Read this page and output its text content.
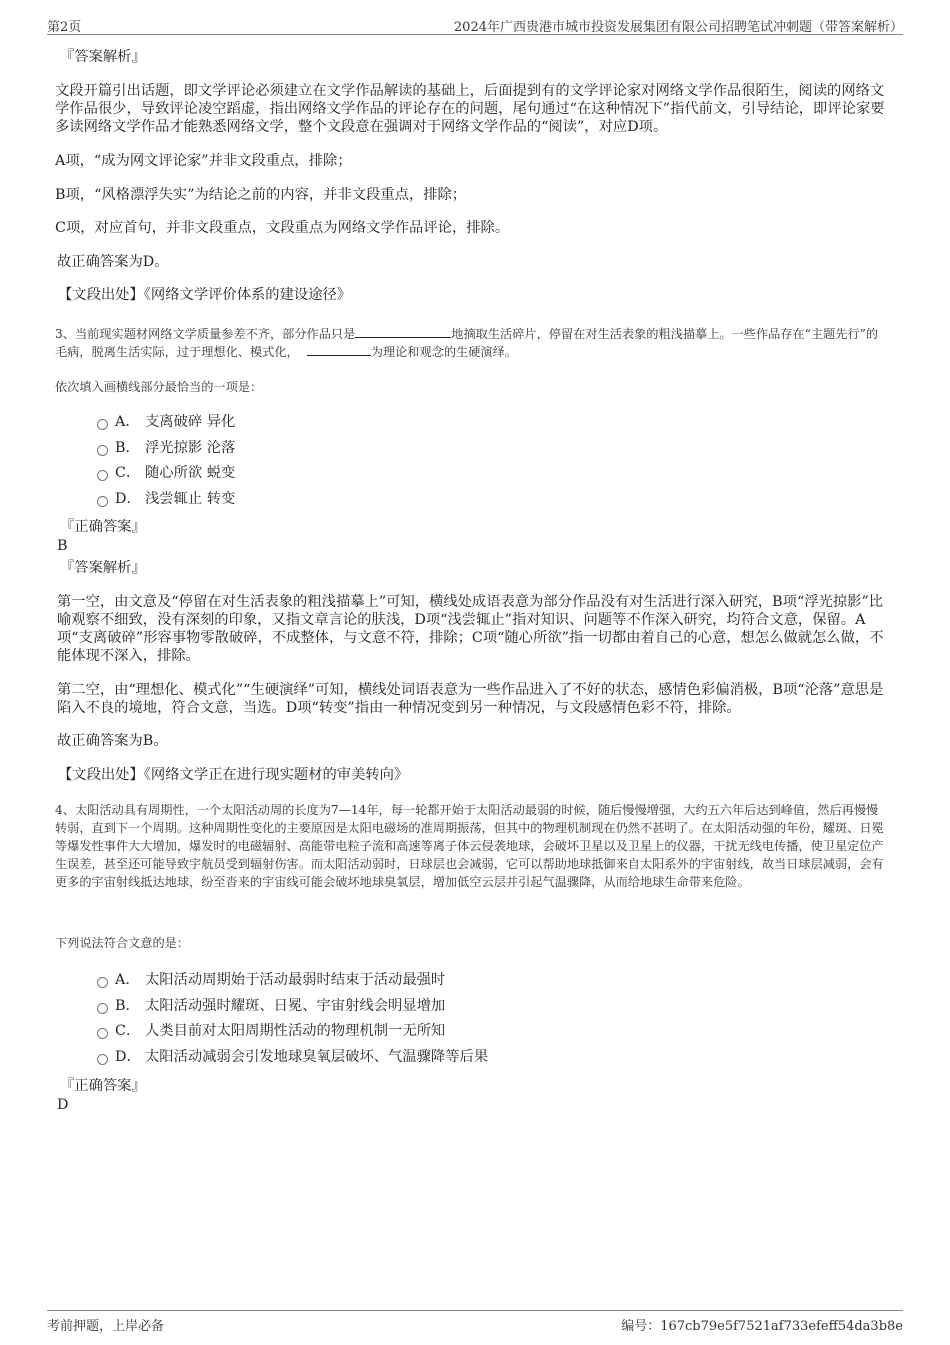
第2页	2024年广西贵港市城市投资发展集团有限公司招聘笔试冲刺题（带答案解析）

『答案解析』

文段开篇引出话题，即文学评论必须建立在文学作品解读的基础上，后面提到有的文学评论家对网络文学作品很陌生，阅读的网络文学作品很少，导致评论凌空蹈虚，指出网络文学作品的评论存在的问题，尾句通过“在这种情况下”指代前文，引导结论，即评论家要多读网络文学作品才能熟悉网络文学，整个文段意在强调对于网络文学作品的“阅读”，对应D项。

A项，“成为网文评论家”并非文段重点，排除；

B项，“风格漂浮失实”为结论之前的内容，并非文段重点，排除；

C项，对应首句，并非文段重点，文段重点为网络文学作品评论，排除。

故正确答案为D。

【文段出处】《网络文学评价体系的建设途径》

3、当前现实题材网络文学质量参差不齐，部分作品只是	地摘取生活碎片，停留在对生活表象的粗浅描摹上。一些作品存在“主题先行”的毛病，脱离生活实际，过于理想化、模式化，	为理论和观念的生硬演绎。

依次填入画横线部分最恰当的一项是：

A． 支离破碎 异化
B． 浮光掠影 沦落
C． 随心所欲 蜕变
D． 浅尝辄止 转变

『正确答案』

B

『答案解析』

第一空，由文意及“停留在对生活表象的粗浅描摹上”可知，横线处成语表意为部分作品没有对生活进行深入研究，B项“浮光掠影”比喻观察不细致，没有深刻的印象，又指文章言论的肤浅，D项“浅尝辄止”指对知识、问题等不作深入研究，均符合文意，保留。A项“支离破碎”形容事物零散破碎，不成整体，与文意不符，排除；C项“随心所欲”指一切都由着自己的心意，想怎么做就怎么做，不能体现不深入，排除。

第二空，由“理想化、模式化”“生硬演绎”可知，横线处词语表意为一些作品进入了不好的状态，感情色彩偏消极，B项“沦落”意思是陷入不良的境地，符合文意，当选。D项“转变”指由一种情况变到另一种情况，与文段感情色彩不符，排除。

故正确答案为B。

【文段出处】《网络文学正在进行现实题材的审美转向》

4、太阳活动具有周期性，一个太阳活动周的长度为7—14年，每一轮都开始于太阳活动最弱的时候，随后慢慢增强，大约五六年后达到峰值，然后再慢慢转弱，直到下一个周期。这种周期性变化的主要原因是太阳电磁场的准周期振荡，但其中的物理机制现在仍然不甚明了。在太阳活动强的年份，耀斑、日冕等爆发性事件大大增加，爆发时的电磁辐射、高能带电粒子流和高速等离子体云侵袭地球，会破坏卫星以及卫星上的仪器，干扰无线电传播，使卫星定位产生误差，甚至还可能导致宇航员受到辐射伤害。而太阳活动弱时，日球层也会减弱，它可以帮助地球抵御来自太阳系外的宇宙射线，故当日球层减弱，会有更多的宇宙射线抵达地球，纷至沓来的宇宙线可能会破坏地球臭氧层，增加低空云层并引起气温骤降，从而给地球生命带来危险。

下列说法符合文意的是：

A． 太阳活动周期始于活动最弱时结束于活动最强时
B． 太阳活动强时耀斑、日冕、宇宙射线会明显增加
C． 人类目前对太阳周期性活动的物理机制一无所知
D． 太阳活动减弱会引发地球臭氧层破坏、气温骤降等后果

『正确答案』

D

考前押题，上岸必备	编号：167cb79e5f7521af733efeff54da3b8e
